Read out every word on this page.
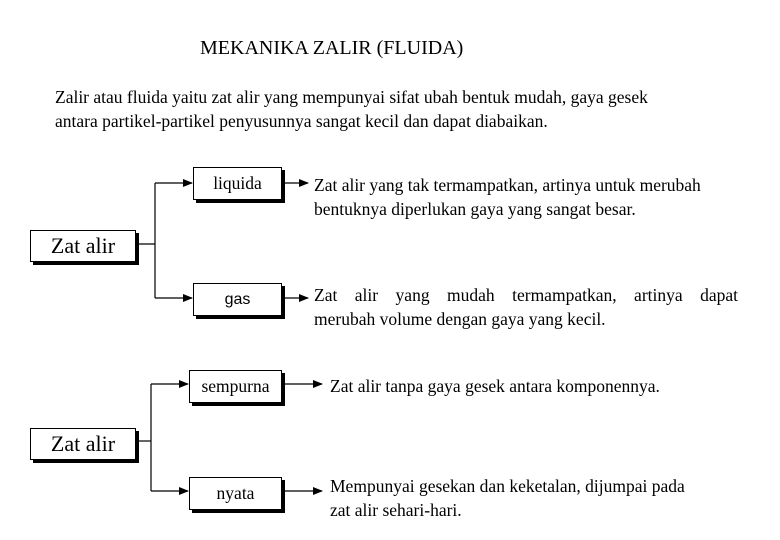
MEKANIKA ZALIR (FLUIDA)
Zalir atau fluida yaitu zat alir yang mempunyai sifat ubah bentuk mudah, gaya gesek
antara partikel-partikel penyusunnya sangat kecil dan dapat diabaikan.
Zat alir
liquida
gas
Zat alir yang tak termampatkan, artinya untuk merubah
bentuknya diperlukan gaya yang sangat besar.
Zat alir yang mudah termampatkan, artinya dapat
merubah volume dengan gaya yang kecil.
Zat alir
sempurna
nyata
Zat alir tanpa gaya gesek antara komponennya.
Mempunyai gesekan dan keketalan, dijumpai pada
zat alir sehari-hari.
